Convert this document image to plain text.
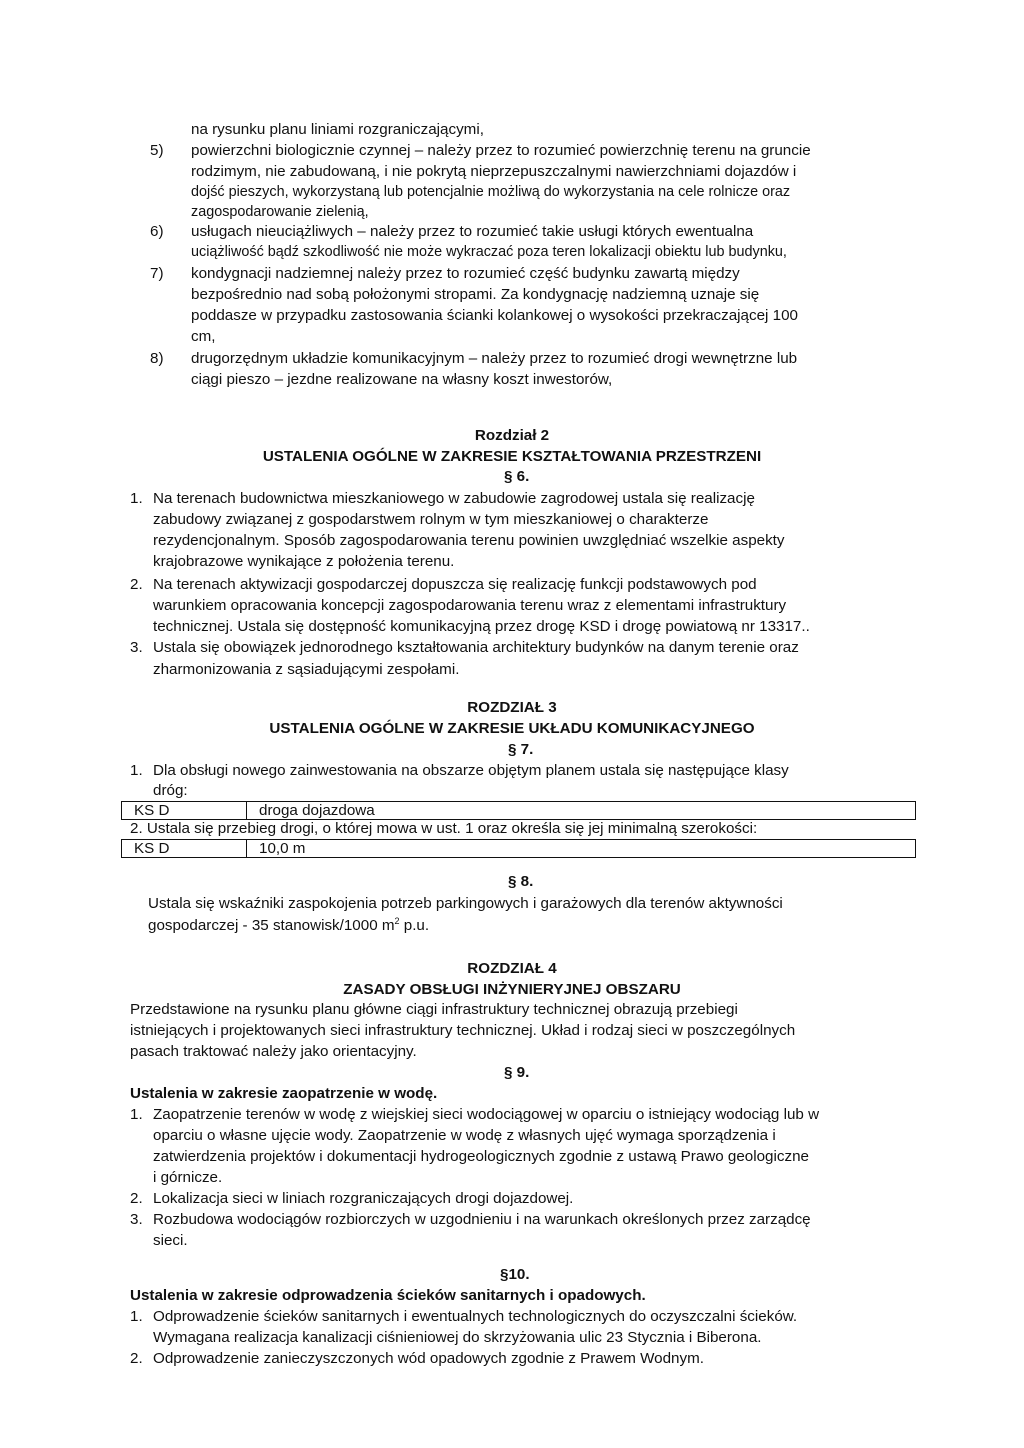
na rysunku planu liniami rozgraniczającymi,
5) powierzchni biologicznie czynnej – należy przez to rozumieć powierzchnię terenu na gruncie
rodzimym, nie zabudowaną, i nie pokrytą nieprzepuszczalnymi nawierzchniami dojazdów i
dojść pieszych, wykorzystaną lub potencjalnie możliwą do wykorzystania na cele rolnicze oraz
zagospodarowanie zielenią,
6) usługach nieuciążliwych – należy przez to rozumieć takie usługi których ewentualna
uciążliwość bądź szkodliwość nie może wykraczać poza teren lokalizacji obiektu lub budynku,
7) kondygnacji nadziemnej należy przez to rozumieć część budynku zawartą między
bezpośrednio nad sobą położonymi stropami. Za kondygnację nadziemną uznaje się
poddasze w przypadku zastosowania ścianki kolankowej o wysokości przekraczającej 100
cm,
8) drugorzędnym układzie komunikacyjnym – należy przez to rozumieć drogi wewnętrzne lub
ciągi pieszo – jezdne realizowane na własny koszt inwestorów,
Rozdział 2
USTALENIA OGÓLNE W ZAKRESIE KSZTAŁTOWANIA PRZESTRZENI
§ 6.
1. Na terenach budownictwa mieszkaniowego w zabudowie zagrodowej ustala się realizację
zabudowy związanej z gospodarstwem rolnym w tym mieszkaniowej o charakterze
rezydencjonalnym. Sposób zagospodarowania terenu powinien uwzględniać wszelkie aspekty
krajobrazowe wynikające z położenia terenu.
2. Na terenach aktywizacji gospodarczej dopuszcza się realizację funkcji podstawowych pod
warunkiem opracowania koncepcji zagospodarowania terenu wraz z elementami infrastruktury
technicznej. Ustala się dostępność komunikacyjną przez drogę KSD i drogę powiatową nr 13317..
3. Ustala się obowiązek jednorodnego kształtowania architektury budynków na danym terenie oraz
zharmonizowania z sąsiadującymi zespołami.
ROZDZIAŁ 3
USTALENIA OGÓLNE W ZAKRESIE UKŁADU KOMUNIKACYJNEGO
§ 7.
1. Dla obsługi nowego zainwestowania na obszarze objętym planem ustala się następujące klasy
dróg:
KS D	droga dojazdowa
2. Ustala się przebieg drogi, o której mowa w ust. 1 oraz określa się jej minimalną szerokości:
KS D	10,0 m
§ 8.
Ustala się wskaźniki zaspokojenia potrzeb parkingowych i garażowych dla terenów aktywności
gospodarczej - 35 stanowisk/1000 $m^2$ p.u.
ROZDZIAŁ 4
ZASADY OBSŁUGI INŻYNIERYJNEJ OBSZARU
Przedstawione na rysunku planu główne ciągi infrastruktury technicznej obrazują przebiegi
istniejących i projektowanych sieci infrastruktury technicznej. Układ i rodzaj sieci w poszczególnych
pasach traktować należy jako orientacyjny.
§ 9.
Ustalenia w zakresie zaopatrzenie w wodę.
1. Zaopatrzenie terenów w wodę z wiejskiej sieci wodociągowej w oparciu o istniejący wodociąg lub w
oparciu o własne ujęcie wody. Zaopatrzenie w wodę z własnych ujęć wymaga sporządzenia i
zatwierdzenia projektów i dokumentacji hydrogeologicznych zgodnie z ustawą Prawo geologiczne
i górnicze.
2. Lokalizacja sieci w liniach rozgraniczających drogi dojazdowej.
3. Rozbudowa wodociągów rozbiorczych w uzgodnieniu i na warunkach określonych przez zarządcę
sieci.
§10.
Ustalenia w zakresie odprowadzenia ścieków sanitarnych i opadowych.
1. Odprowadzenie ścieków sanitarnych i ewentualnych technologicznych do oczyszczalni ścieków.
Wymagana realizacja kanalizacji ciśnieniowej do skrzyżowania ulic 23 Stycznia i Biberona.
2. Odprowadzenie zanieczyszczonych wód opadowych zgodnie z Prawem Wodnym.
